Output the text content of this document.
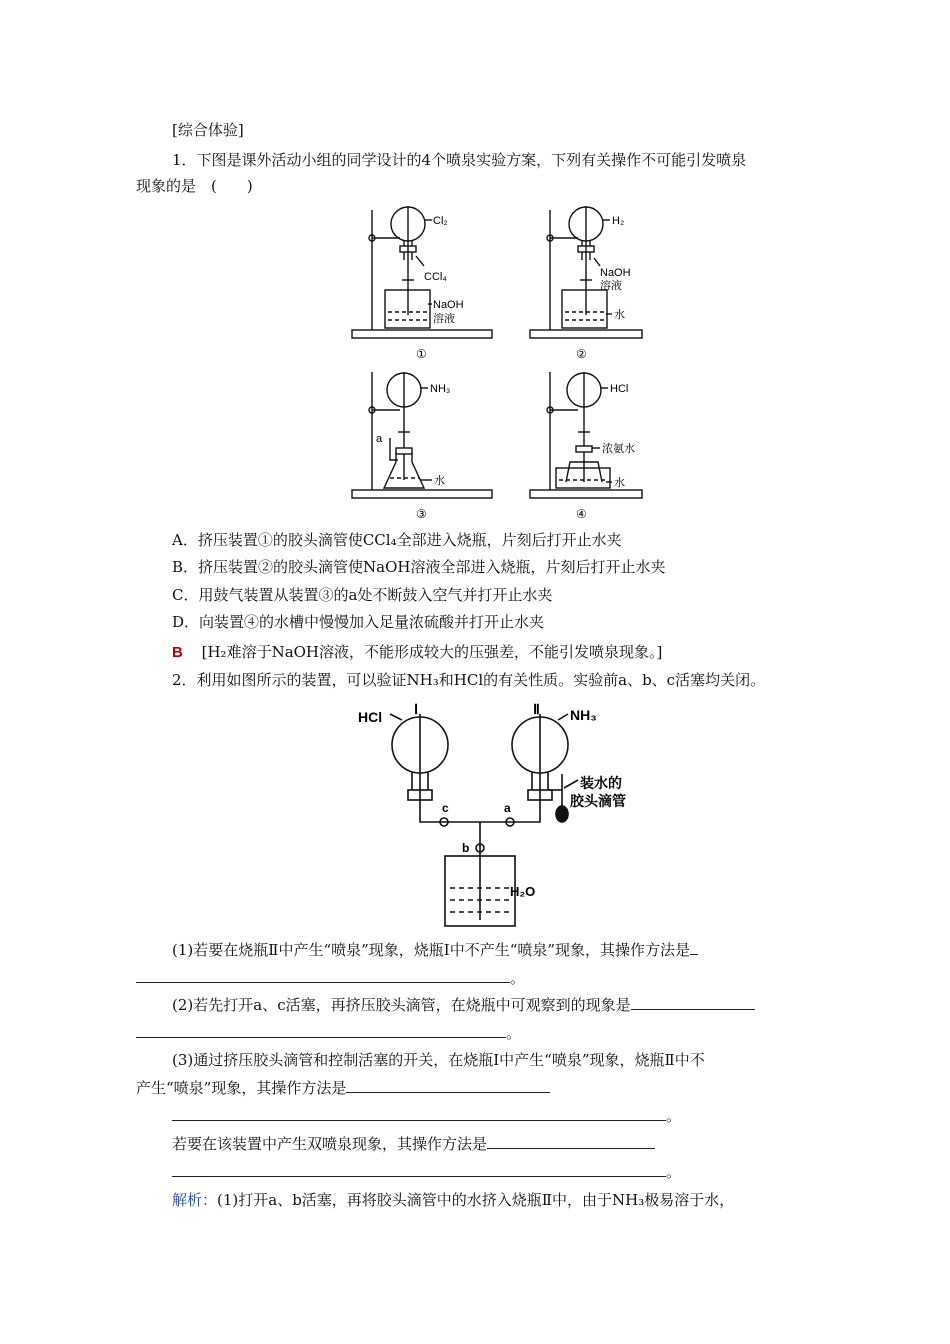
[综合体验]
1．下图是课外活动小组的同学设计的4个喷泉实验方案，下列有关操作不可能引发喷泉
现象的是　(　　)
Cl₂
CCl₄
NaOH
溶液
①
H₂
NaOH
溶液
水
②
NH₃
a
水
③
HCl
浓氨水
水
④
A．挤压装置①的胶头滴管使CCl₄全部进入烧瓶，片刻后打开止水夹
B．挤压装置②的胶头滴管使NaOH溶液全部进入烧瓶，片刻后打开止水夹
C．用鼓气装置从装置③的a处不断鼓入空气并打开止水夹
D．向装置④的水槽中慢慢加入足量浓硫酸并打开止水夹
B [H₂难溶于NaOH溶液，不能形成较大的压强差，不能引发喷泉现象。]
2．利用如图所示的装置，可以验证NH₃和HCl的有关性质。实验前a、b、c活塞均关闭。
HCl Ⅰ	NH₃
Ⅱ
装水的
胶头滴管
c	a
b
H₂O
(1)若要在烧瓶Ⅱ中产生“喷泉”现象，烧瓶Ⅰ中不产生“喷泉”现象，其操作方法是
。
(2)若先打开a、c活塞，再挤压胶头滴管，在烧瓶中可观察到的现象是
。
(3)通过挤压胶头滴管和控制活塞的开关，在烧瓶Ⅰ中产生“喷泉”现象，烧瓶Ⅱ中不
产生“喷泉”现象，其操作方法是
。
若要在该装置中产生双喷泉现象，其操作方法是
。
解析：(1)打开a、b活塞，再将胶头滴管中的水挤入烧瓶Ⅱ中，由于NH₃极易溶于水，
